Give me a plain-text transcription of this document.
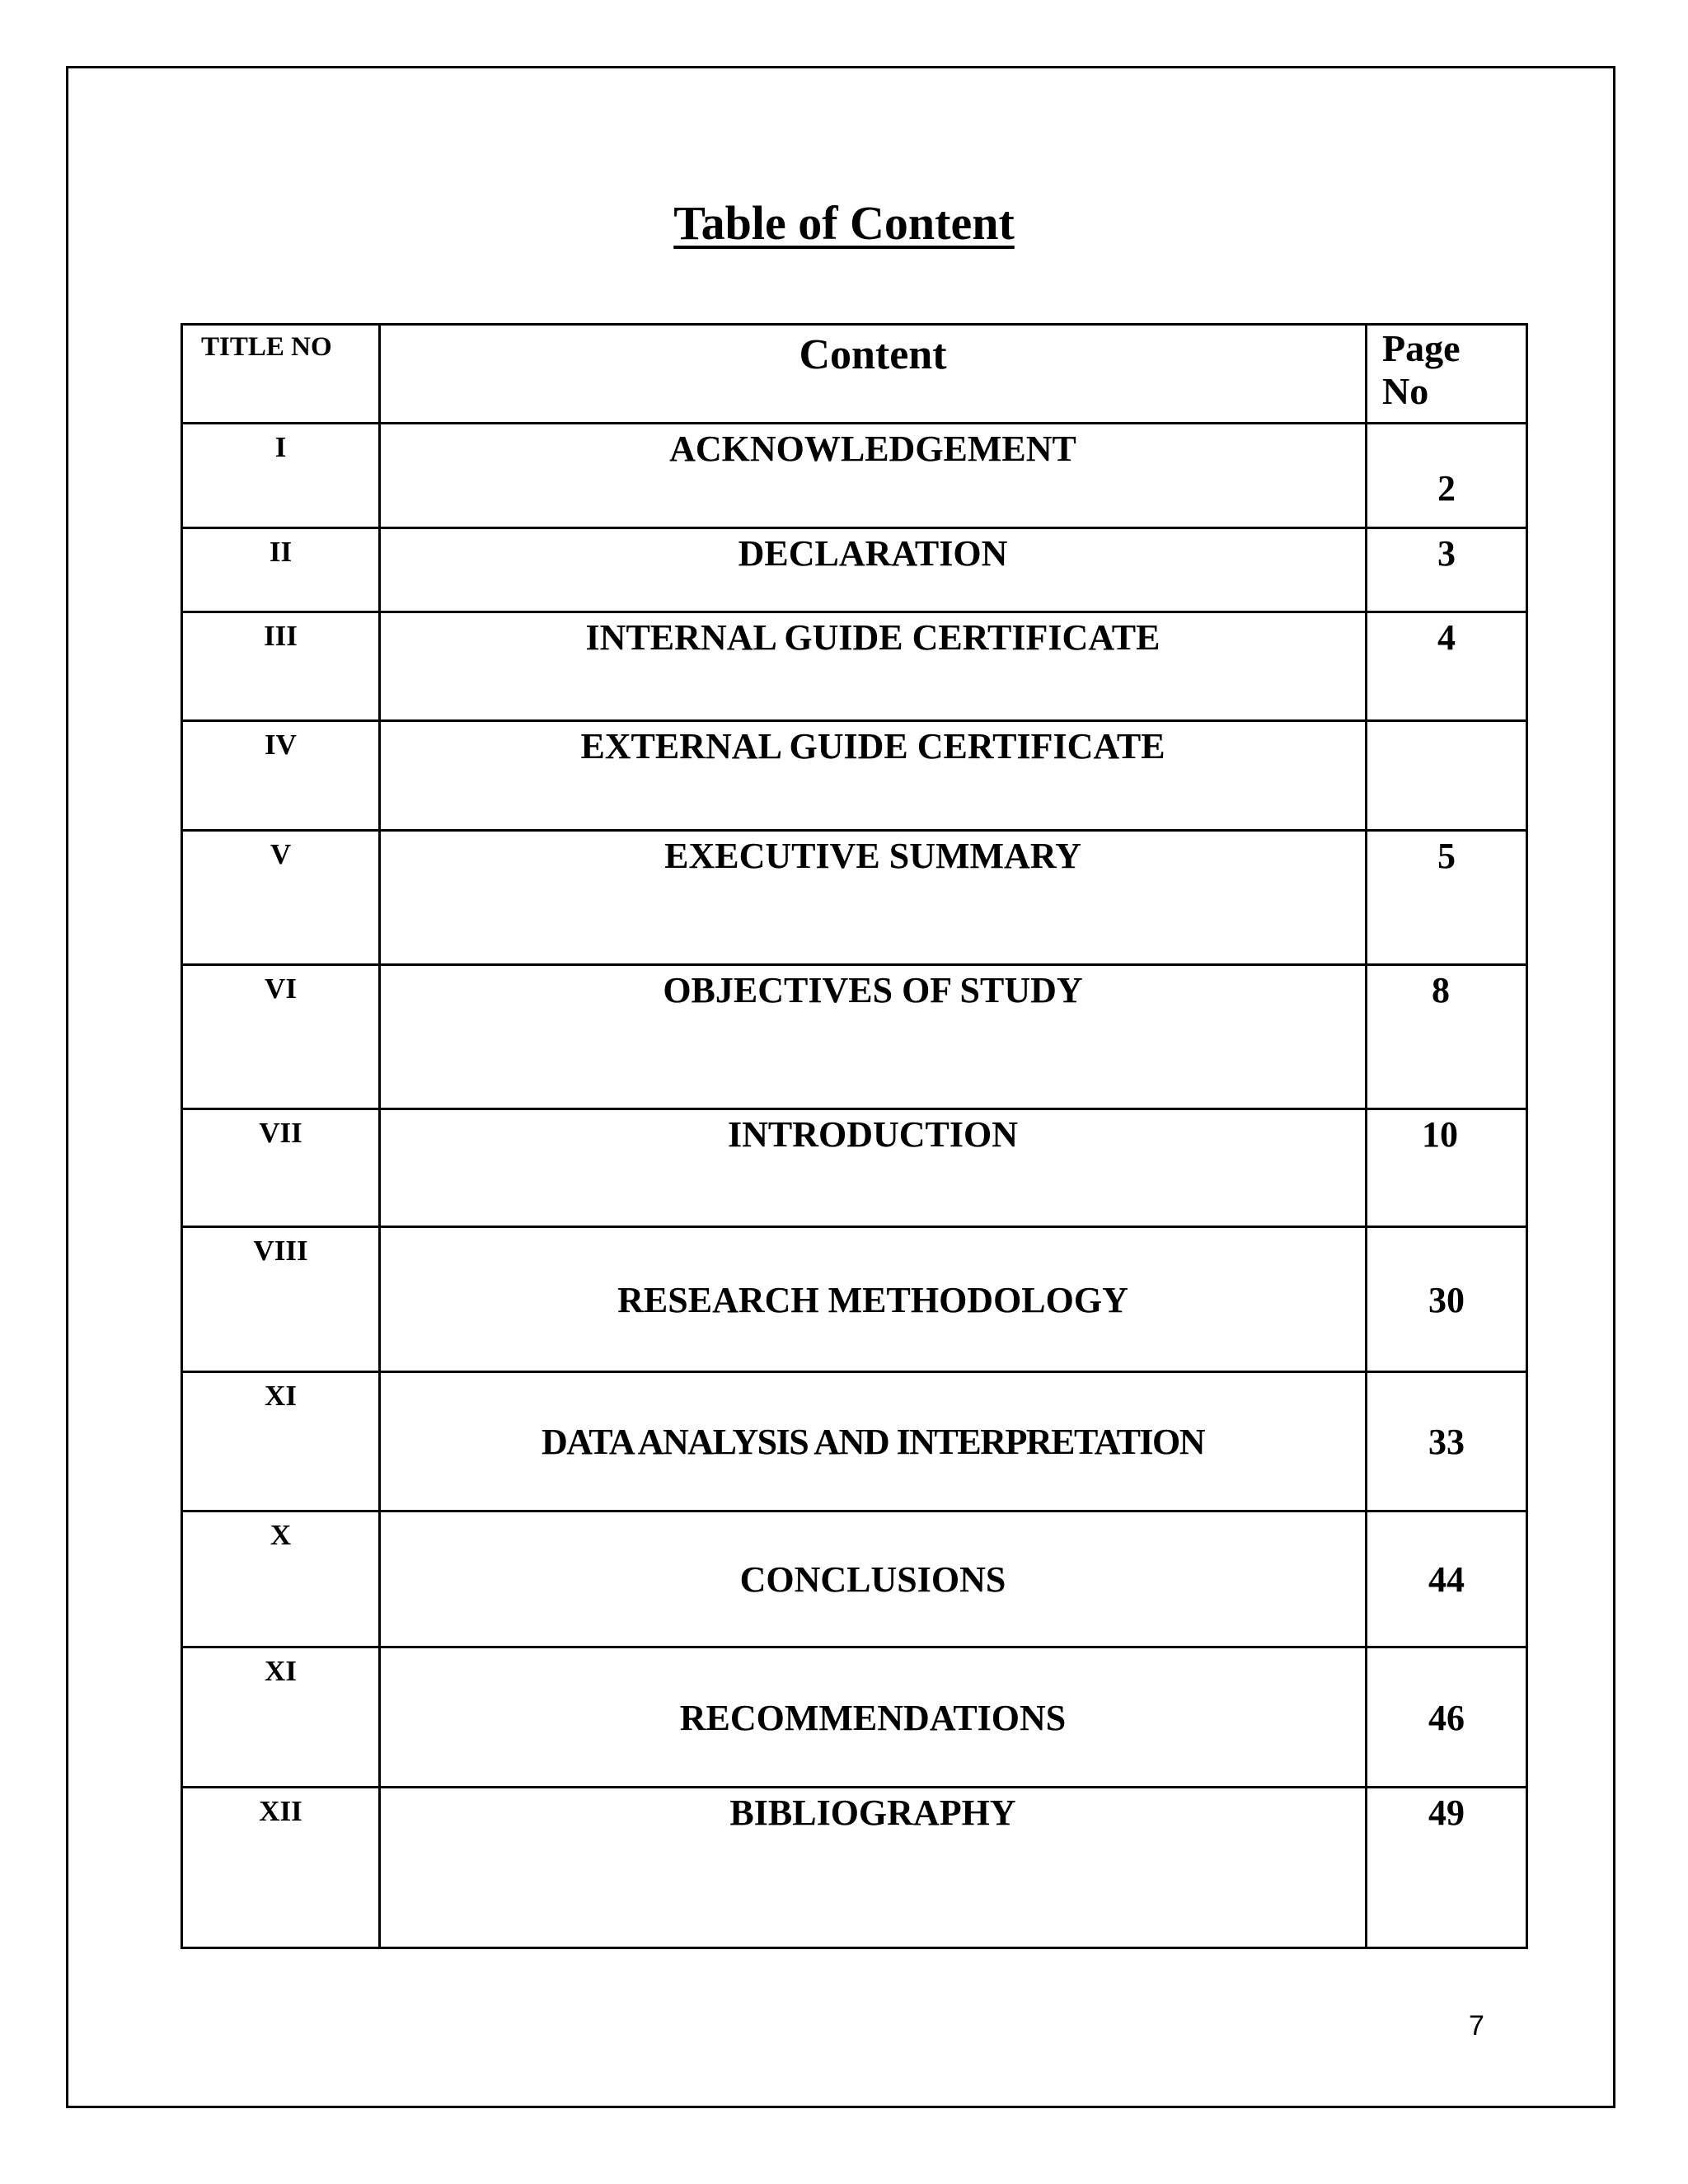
Table of Content
TITLE NO	Content	Page
No
I	ACKNOWLEDGEMENT	2
II	DECLARATION	3
III	INTERNAL GUIDE CERTIFICATE	4
IV	EXTERNAL GUIDE CERTIFICATE	
V	EXECUTIVE SUMMARY	5
VI	OBJECTIVES OF STUDY	8
VII	INTRODUCTION	10
VIII	RESEARCH METHODOLOGY	30
XI	DATA ANALYSIS AND INTERPRETATION	33
X	CONCLUSIONS	44
XI	RECOMMENDATIONS	46
XII	BIBLIOGRAPHY	49
7
